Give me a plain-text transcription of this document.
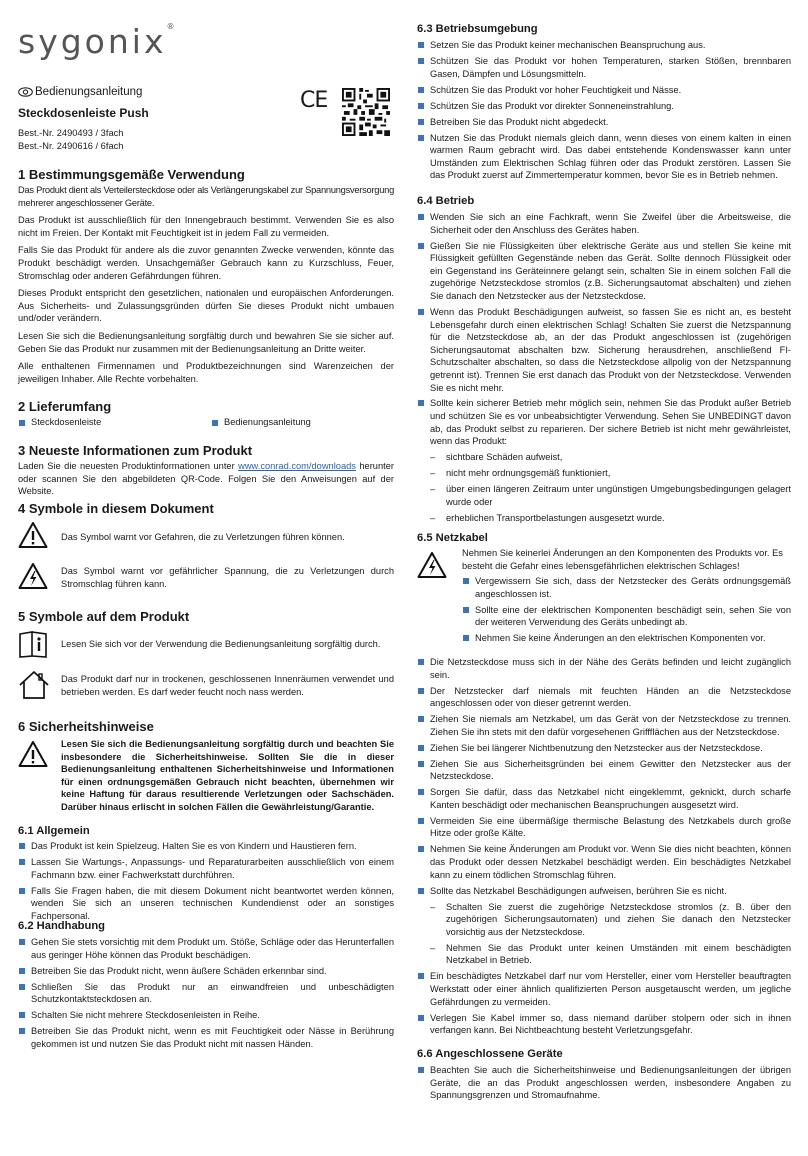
sygonix®
Bedienungsanleitung
Steckdosenleiste Push

Best.-Nr. 2490493 / 3fach

Best.-Nr. 2490616 / 6fach

CE
1 Bestimmungsgemäße Verwendung

Das Produkt dient als Verteilersteckdose oder als Verlängerungskabel zur Spannungsversorgung mehrerer angeschlossener Geräte.

Das Produkt ist ausschließlich für den Innengebrauch bestimmt. Verwenden Sie es also nicht im Freien. Der Kontakt mit Feuchtigkeit ist in jedem Fall zu vermeiden.

Falls Sie das Produkt für andere als die zuvor genannten Zwecke verwenden, könnte das Produkt beschädigt werden. Unsachgemäßer Gebrauch kann zu Kurzschluss, Feuer, Stromschlag oder anderen Gefährdungen führen.

Dieses Produkt entspricht den gesetzlichen, nationalen und europäischen Anforderungen. Aus Sicherheits- und Zulassungsgründen dürfen Sie dieses Produkt nicht umbauen und/oder verändern.

Lesen Sie sich die Bedienungsanleitung sorgfältig durch und bewahren Sie sie sicher auf. Geben Sie das Produkt nur zusammen mit der Bedienungsanleitung an Dritte weiter.

Alle enthaltenen Firmennamen und Produktbezeichnungen sind Warenzeichen der jeweiligen Inhaber. Alle Rechte vorbehalten.

2 Lieferumfang
Steckdosenleiste	Bedienungsanleitung
3 Neueste Informationen zum Produkt

Laden Sie die neuesten Produktinformationen unter www.conrad.com/downloads herunter oder scannen Sie den abgebildeten QR-Code. Folgen Sie den Anweisungen auf der Website.

4 Symbole in diesem Dokument

Das Symbol warnt vor Gefahren, die zu Verletzungen führen können.

Das Symbol warnt vor gefährlicher Spannung, die zu Verletzungen durch Stromschlag führen kann.

5 Symbole auf dem Produkt

Lesen Sie sich vor der Verwendung die Bedienungsanleitung sorgfältig durch.

Das Produkt darf nur in trockenen, geschlossenen Innenräumen verwendet und betrieben werden. Es darf weder feucht noch nass werden.

6 Sicherheitshinweise

Lesen Sie sich die Bedienungsanleitung sorgfältig durch und beachten Sie insbesondere die Sicherheitshinweise. Sollten Sie die in dieser Bedienungsanleitung enthaltenen Sicherheitshinweise und Informationen für einen ordnungsgemäßen Gebrauch nicht beachten, übernehmen wir keine Haftung für daraus resultierende Verletzungen oder Sachschäden. Darüber hinaus erlischt in solchen Fällen die Gewährleistung/Garantie.

6.1 Allgemein
Das Produkt ist kein Spielzeug. Halten Sie es von Kindern und Haustieren fern.
Lassen Sie Wartungs-, Anpassungs- und Reparaturarbeiten ausschließlich von einem Fachmann bzw. einer Fachwerkstatt durchführen.
Falls Sie Fragen haben, die mit diesem Dokument nicht beantwortet werden können, wenden Sie sich an unseren technischen Kundendienst oder an sonstiges Fachpersonal.
6.2 Handhabung
Gehen Sie stets vorsichtig mit dem Produkt um. Stöße, Schläge oder das Herunterfallen aus geringer Höhe können das Produkt beschädigen.
Betreiben Sie das Produkt nicht, wenn äußere Schäden erkennbar sind.
Schließen Sie das Produkt nur an einwandfreien und unbeschädigten Schutzkontaktsteckdosen an.
Schalten Sie nicht mehrere Steckdosenleisten in Reihe.
Betreiben Sie das Produkt nicht, wenn es mit Feuchtigkeit oder Nässe in Berührung gekommen ist und nutzen Sie das Produkt nicht mit nassen Händen.
6.3 Betriebsumgebung
Setzen Sie das Produkt keiner mechanischen Beanspruchung aus.
Schützen Sie das Produkt vor hohen Temperaturen, starken Stößen, brennbaren Gasen, Dämpfen und Lösungsmitteln.
Schützen Sie das Produkt vor hoher Feuchtigkeit und Nässe.
Schützen Sie das Produkt vor direkter Sonneneinstrahlung.
Betreiben Sie das Produkt nicht abgedeckt.
Nutzen Sie das Produkt niemals gleich dann, wenn dieses von einem kalten in einen warmen Raum gebracht wird. Das dabei entstehende Kondenswasser kann unter Umständen zum Elektrischen Schlag führen oder das Produkt zerstören. Lassen Sie das Produkt zuerst auf Zimmertemperatur kommen, bevor Sie es in Betrieb nehmen.
6.4 Betrieb
Wenden Sie sich an eine Fachkraft, wenn Sie Zweifel über die Arbeitsweise, die Sicherheit oder den Anschluss des Gerätes haben.
Gießen Sie nie Flüssigkeiten über elektrische Geräte aus und stellen Sie keine mit Flüssigkeit gefüllten Gegenstände neben das Gerät. Sollte dennoch Flüssigkeit oder ein Gegenstand ins Geräteinnere gelangt sein, schalten Sie in einem solchen Fall die zugehörige Netzsteckdose stromlos (z.B. Sicherungsautomat abschalten) und ziehen Sie danach den Netzstecker aus der Netzsteckdose.
Wenn das Produkt Beschädigungen aufweist, so fassen Sie es nicht an, es besteht Lebensgefahr durch einen elektrischen Schlag! Schalten Sie zuerst die Netzspannung für die Netzsteckdose ab, an der das Produkt angeschlossen ist (zugehörigen Sicherungsautomat abschalten bzw. Sicherung herausdrehen, anschließend FI-Schutzschalter abschalten, so dass die Netzsteckdose allpolig von der Netzspannung getrennt ist). Trennen Sie erst danach das Produkt von der Netzsteckdose. Verwenden Sie es nicht mehr.
Sollte kein sicherer Betrieb mehr möglich sein, nehmen Sie das Produkt außer Betrieb und schützen Sie es vor unbeabsichtigter Verwendung. Sehen Sie UNBEDINGT davon ab, das Produkt selbst zu reparieren. Der sichere Betrieb ist nicht mehr gewährleistet, wenn das Produkt:
– sichtbare Schäden aufweist,
– nicht mehr ordnungsgemäß funktioniert,
– über einen längeren Zeitraum unter ungünstigen Umgebungsbedingungen gelagert wurde oder
– erheblichen Transportbelastungen ausgesetzt wurde.
6.5 Netzkabel

Nehmen Sie keinerlei Änderungen an den Komponenten des Produkts vor. Es besteht die Gefahr eines lebensgefährlichen elektrischen Schlages!

Vergewissern Sie sich, dass der Netzstecker des Geräts ordnungsgemäß angeschlossen ist.
Sollte eine der elektrischen Komponenten beschädigt sein, sehen Sie von der weiteren Verwendung des Geräts unbedingt ab.
Nehmen Sie keine Änderungen an den elektrischen Komponenten vor.
Die Netzsteckdose muss sich in der Nähe des Geräts befinden und leicht zugänglich sein.
Der Netzstecker darf niemals mit feuchten Händen an die Netzsteckdose angeschlossen oder von dieser getrennt werden.
Ziehen Sie niemals am Netzkabel, um das Gerät von der Netzsteckdose zu trennen. Ziehen Sie ihn stets mit den dafür vorgesehenen Griffflächen aus der Netzsteckdose.
Ziehen Sie bei längerer Nichtbenutzung den Netzstecker aus der Netzsteckdose.
Ziehen Sie aus Sicherheitsgründen bei einem Gewitter den Netzstecker aus der Netzsteckdose.
Sorgen Sie dafür, dass das Netzkabel nicht eingeklemmt, geknickt, durch scharfe Kanten beschädigt oder mechanischen Beanspruchungen ausgesetzt wird.
Vermeiden Sie eine übermäßige thermische Belastung des Netzkabels durch große Hitze oder große Kälte.
Nehmen Sie keine Änderungen am Produkt vor. Wenn Sie dies nicht beachten, können das Produkt oder dessen Netzkabel beschädigt werden. Ein beschädigtes Netzkabel kann zu einem tödlichen Stromschlag führen.
Sollte das Netzkabel Beschädigungen aufweisen, berühren Sie es nicht.
– Schalten Sie zuerst die zugehörige Netzsteckdose stromlos (z. B. über den zugehörigen Sicherungsautomaten) und ziehen Sie danach den Netzstecker vorsichtig aus der Netzsteckdose.
– Nehmen Sie das Produkt unter keinen Umständen mit einem beschädigten Netzkabel in Betrieb.
Ein beschädigtes Netzkabel darf nur vom Hersteller, einer vom Hersteller beauftragten Werkstatt oder einer ähnlich qualifizierten Person ausgetauscht werden, um jegliche Gefährdungen zu vermeiden.
Verlegen Sie Kabel immer so, dass niemand darüber stolpern oder sich in ihnen verfangen kann. Bei Nichtbeachtung besteht Verletzungsgefahr.
6.6 Angeschlossene Geräte
Beachten Sie auch die Sicherheitshinweise und Bedienungsanleitungen der übrigen Geräte, die an das Produkt angeschlossen werden, insbesondere Angaben zu Spannungsgrenzen und Stromaufnahme.
